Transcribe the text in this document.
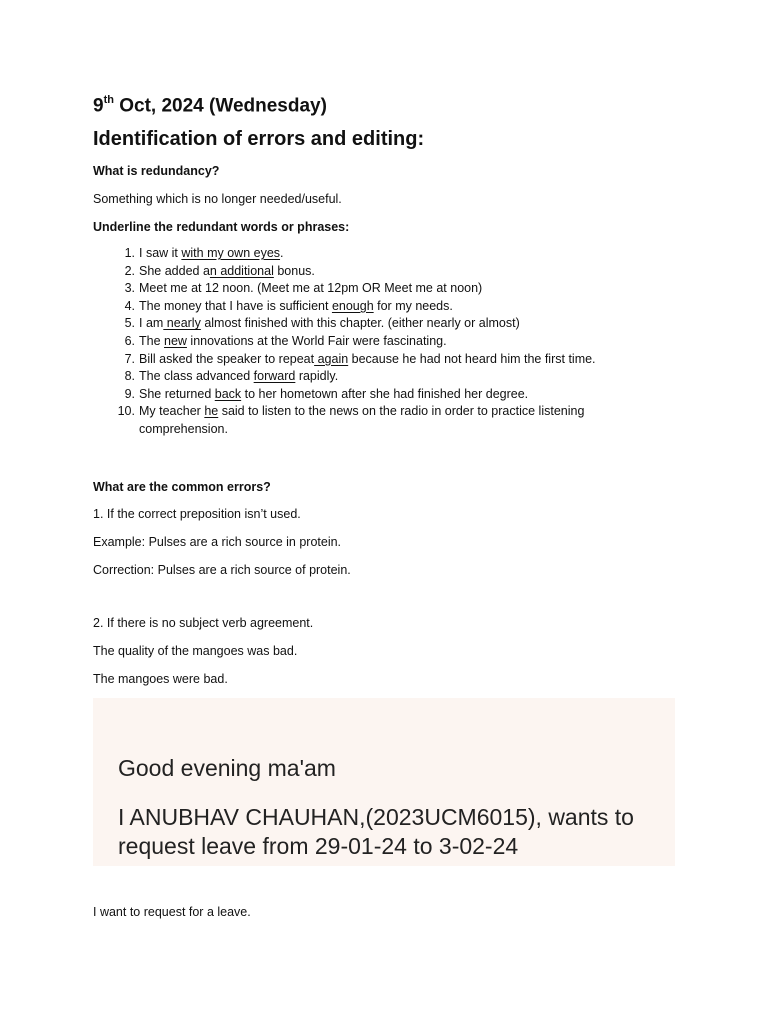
9th Oct, 2024 (Wednesday)
Identification of errors and editing:
What is redundancy?
Something which is no longer needed/useful.
Underline the redundant words or phrases:
1. I saw it with my own eyes.
2. She added an additional bonus.
3. Meet me at 12 noon. (Meet me at 12pm OR Meet me at noon)
4. The money that I have is sufficient enough for my needs.
5. I am nearly almost finished with this chapter. (either nearly or almost)
6. The new innovations at the World Fair were fascinating.
7. Bill asked the speaker to repeat again because he had not heard him the first time.
8. The class advanced forward rapidly.
9. She returned back to her hometown after she had finished her degree.
10. My teacher he said to listen to the news on the radio in order to practice listening comprehension.
What are the common errors?
1. If the correct preposition isn’t used.
Example: Pulses are a rich source in protein.
Correction: Pulses are a rich source of protein.
2. If there is no subject verb agreement.
The quality of the mangoes was bad.
The mangoes were bad.
Good evening ma'am
I ANUBHAV CHAUHAN,(2023UCM6015), wants to
request leave from 29-01-24 to 3-02-24
I want to request for a leave.
